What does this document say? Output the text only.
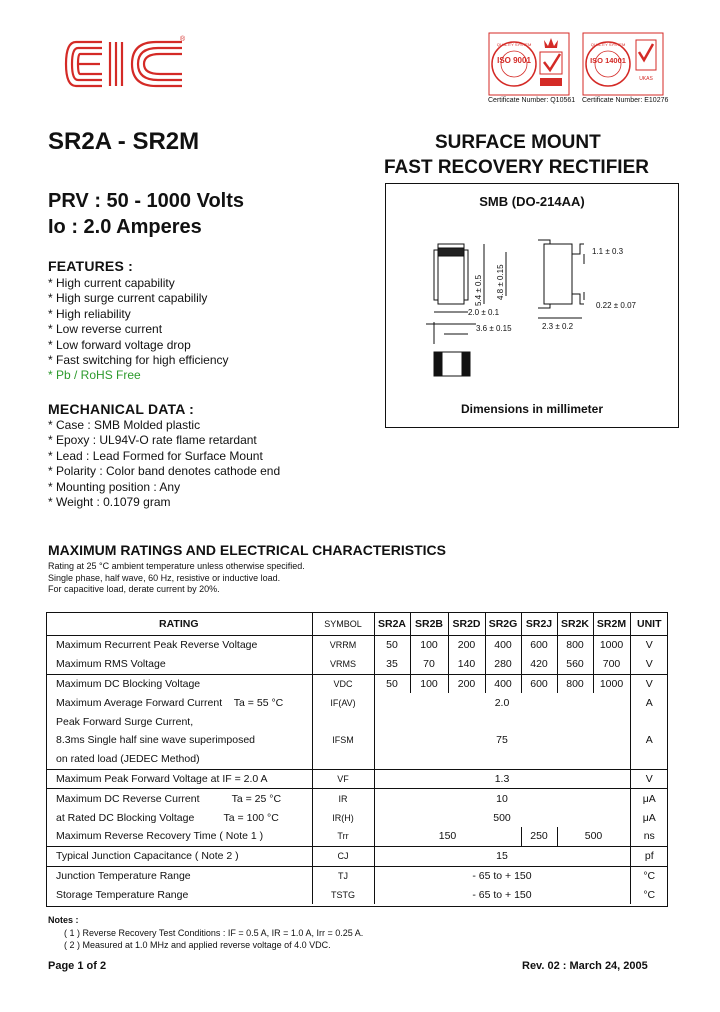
®
EIC
ISO 9001
QUALITY SYSTEM
Certificate Number: Q10561
ISO 14001
QUALITY SYSTEM
UKAS
Certificate Number: E10276
SR2A - SR2M	SURFACE MOUNT
FAST RECOVERY RECTIFIER
PRV : 50 - 1000 Volts
Io : 2.0 Amperes
FEATURES :
* High current capability
* High surge current capabilily
* High reliability
* Low reverse current
* Low forward voltage drop
* Fast switching for high efficiency
* Pb / RoHS Free
MECHANICAL DATA :
* Case : SMB Molded plastic
* Epoxy : UL94V-O rate flame retardant
* Lead : Lead Formed for Surface Mount
* Polarity : Color band denotes cathode end
* Mounting position : Any
* Weight : 0.1079 gram
SMB (DO-214AA)
5.4 ± 0.5 4.8 ± 0.15
2.0 ± 0.1
3.6 ± 0.15
1.1 ± 0.3
0.22 ± 0.07
2.3 ± 0.2
Dimensions in millimeter
MAXIMUM RATINGS AND ELECTRICAL CHARACTERISTICS
Rating at 25 °C ambient temperature unless otherwise specified.
Single phase, half wave, 60 Hz, resistive or inductive load.
For capacitive load, derate current by 20%.
RATING	SYMBOL	SR2A	SR2B	SR2D	SR2G	SR2J	SR2K	SR2M	UNIT
Maximum Recurrent Peak Reverse Voltage	VRRM	50	100	200	400	600	800	1000	V
Maximum RMS Voltage	VRMS	35	70	140	280	420	560	700	V
Maximum DC Blocking Voltage	VDC	50	100	200	400	600	800	1000	V
Maximum Average Forward Current Ta = 55 °C	IF(AV)	2.0							A
Peak Forward Surge Current,	IFSM	75							A
8.3ms Single half sine wave superimposed									
on rated load (JEDEC Method)									
Maximum Peak Forward Voltage at IF = 2.0 A	VF	1.3							V
Maximum DC Reverse Current Ta = 25 °C	IR	10							μA
at Rated DC Blocking Voltage Ta = 100 °C	IR(H)	500							μA
Maximum Reverse Recovery Time ( Note 1 )	Trr	150				250	500		ns
Typical Junction Capacitance ( Note 2 )	CJ	15							pf
Junction Temperature Range	TJ	- 65 to + 150							°C
Storage Temperature Range	TSTG	- 65 to + 150							°C
Notes :
( 1 ) Reverse Recovery Test Conditions : IF = 0.5 A, IR = 1.0 A, Irr = 0.25 A.
( 2 ) Measured at 1.0 MHz and applied reverse voltage of 4.0 VDC.
Page 1 of 2	Rev. 02 : March 24, 2005
